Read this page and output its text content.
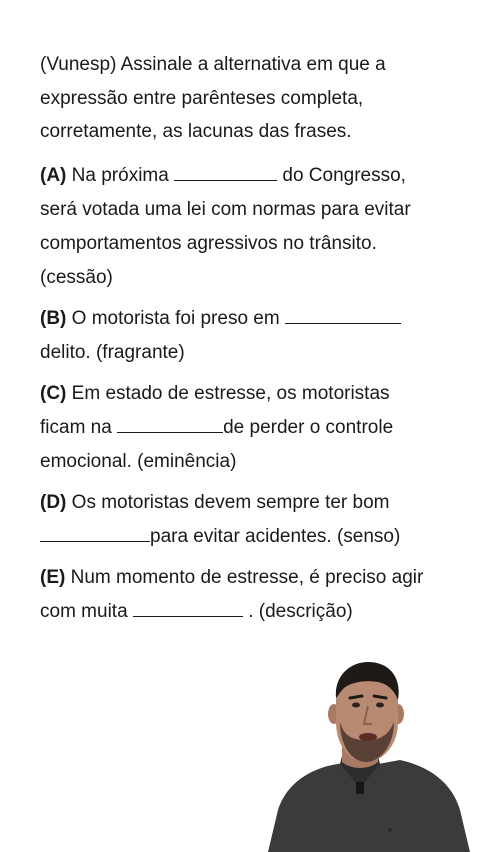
(Vunesp) Assinale a alternativa em que a
expressão entre parênteses completa,
corretamente, as lacunas das frases.
(A) Na próxima	do Congresso,
será votada uma lei com normas para evitar
comportamentos agressivos no trânsito.
(cessão)
(B) O motorista foi preso em
delito. (fragrante)
(C) Em estado de estresse, os motoristas
ficam na	de perder o controle
emocional. (eminência)
(D) Os motoristas devem sempre ter bom
para evitar acidentes. (senso)
(E) Num momento de estresse, é preciso agir
com muita	. (descrição)
